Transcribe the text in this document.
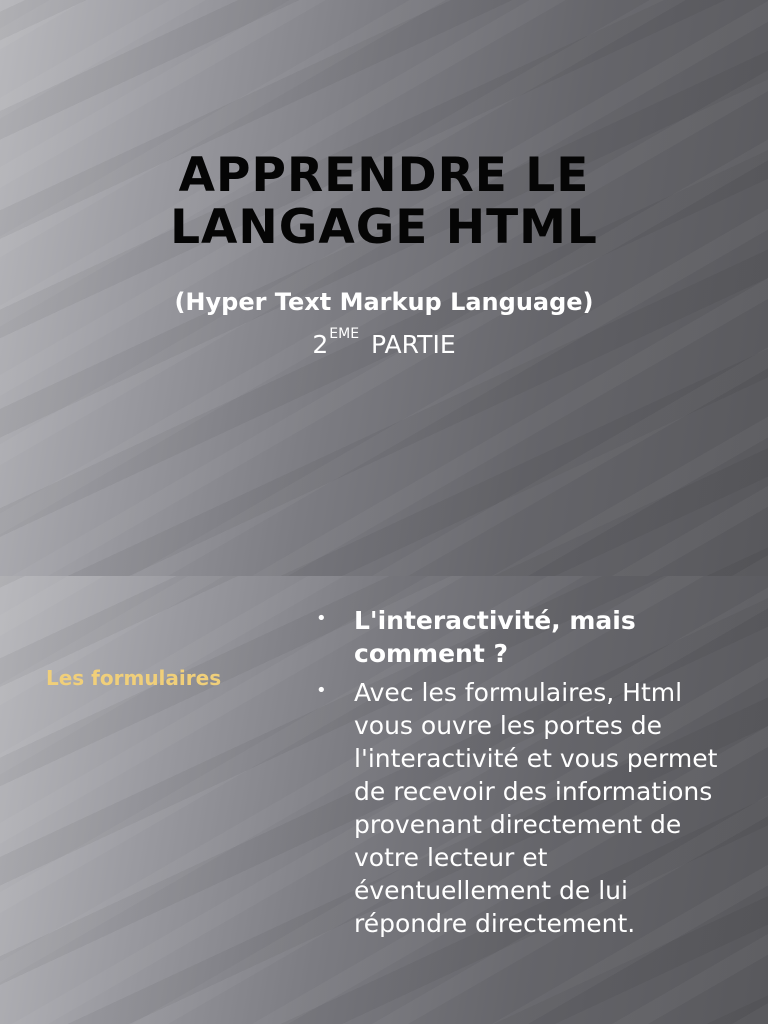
APPRENDRE LE
LANGAGE HTML
(Hyper Text Markup Language)
2EME PARTIE
Les formulaires
• L'interactivité, mais comment ?
• Avec les formulaires, Html vous ouvre les portes de l'interactivité et vous permet de recevoir des informations provenant directement de votre lecteur et éventuellement de lui répondre directement.
